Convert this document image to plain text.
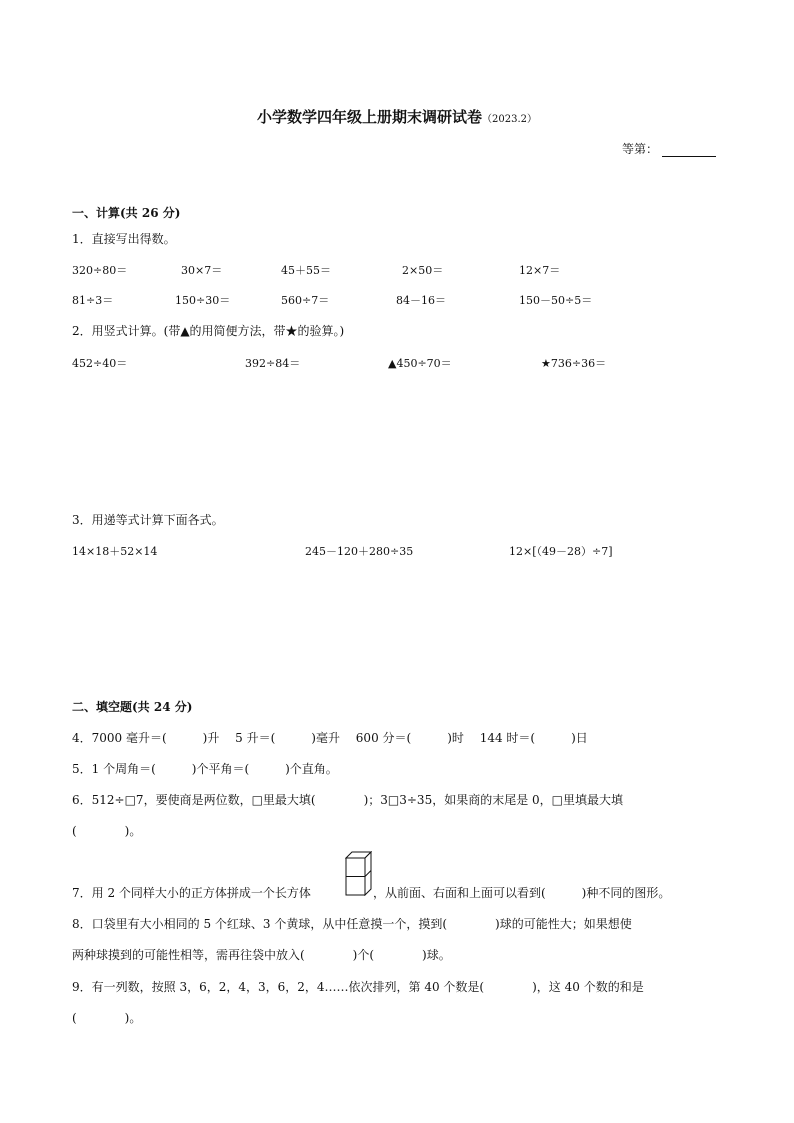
小学数学四年级上册期末调研试卷（2023.2）
等第：
一、计算(共 26 分)
1．直接写出得数。
320÷80＝	30×7＝	45＋55＝	2×50＝	12×7＝
81÷3＝	150÷30＝	560÷7＝	84－16＝	150－50÷5＝
2．用竖式计算。(带▲的用简便方法，带★的验算。)
452÷40＝	392÷84＝	▲450÷70＝	★736÷36＝
3．用递等式计算下面各式。
14×18＋52×14	245－120＋280÷35	12×[（49－28）÷7]
二、填空题(共 24 分)
4．7000 毫升＝(　　　)升　 5 升＝(　　　)毫升　 600 分＝(　　　)时　 144 时＝(　　　)日
5．1 个周角＝(　　　)个平角＝(　　　)个直角。
6．512÷□7，要使商是两位数，□里最大填(　　　　)；3□3÷35，如果商的末尾是 0，□里填最大填
(　　　　)。
7．用 2 个同样大小的正方体拼成一个长方体	，从前面、右面和上面可以看到(　　　)种不同的图形。
8．口袋里有大小相同的 5 个红球、3 个黄球，从中任意摸一个，摸到(　　　　)球的可能性大；如果想使
两种球摸到的可能性相等，需再往袋中放入(　　　　)个(　　　　)球。
9．有一列数，按照 3，6，2，4，3，6，2，4……依次排列，第 40 个数是(　　　　)，这 40 个数的和是
(　　　　)。
